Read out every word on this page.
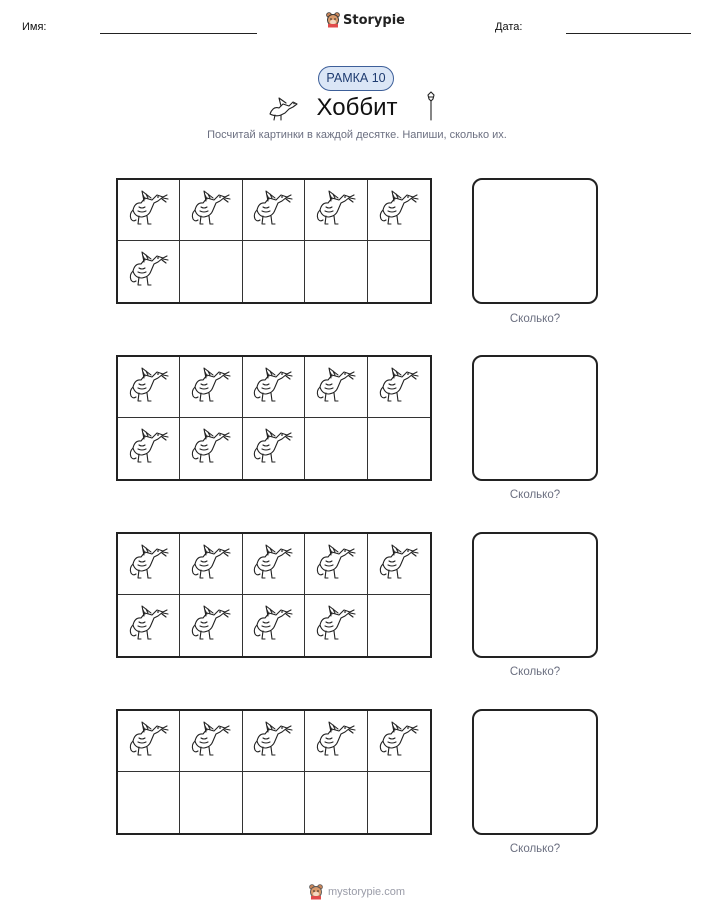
Имя:	Storypie	Дата:
РАМКА 10
Хоббит
Посчитай картинки в каждой десятке. Напиши, сколько их.
Сколько?
Сколько?
Сколько?
Сколько?
mystorypie.com
